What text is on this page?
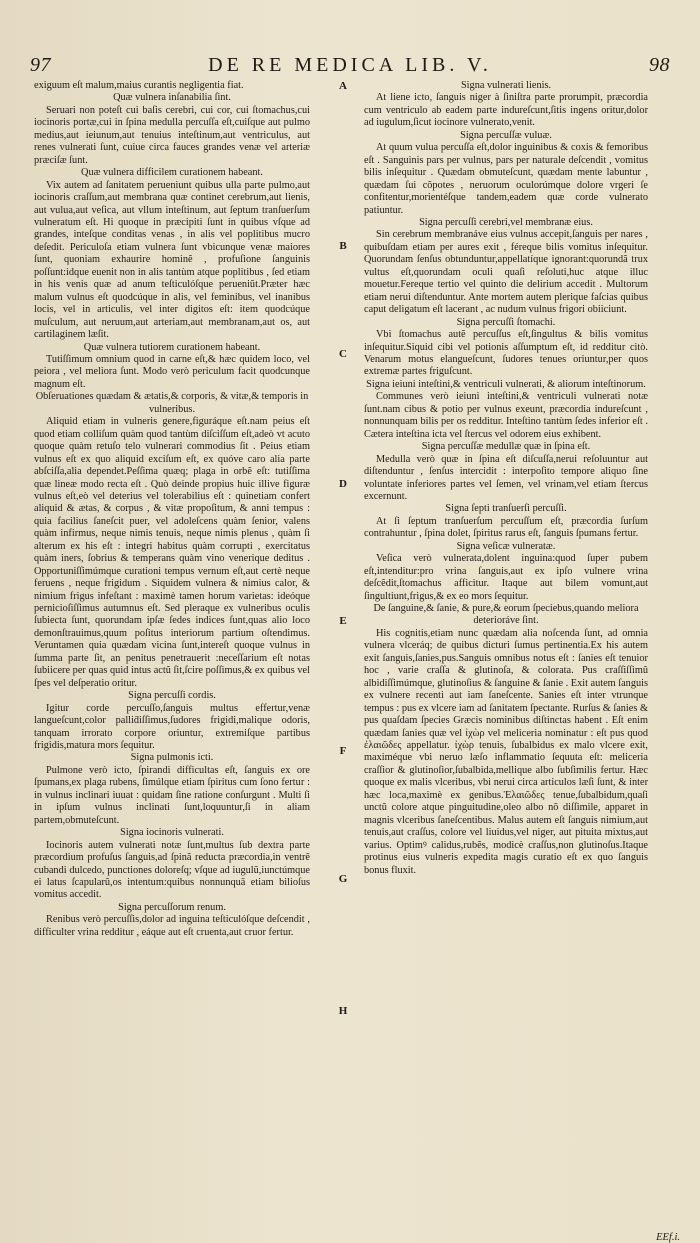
97	DE RE MEDICA LIB. V.	98
exiguum eſt malum,maius curantis negligentia fiat.
Quæ vulnera inſanabilia ſint.
Seruari non poteſt cui baſis cerebri, cui cor, cui ſtomachus,cui iocinoris portæ,cui in ſpina medulla percuſſa eſt,cuiſque aut pulmo medius,aut ieiunum,aut tenuius inteſtinum,aut ventriculus, aut renes vulnerati ſunt, cuiue circa fauces grandes venæ vel arteriæ præciſæ ſunt.
Quæ vulnera difficilem curationem habeant.
Vix autem ad ſanitatem perueniunt quibus ulla parte pulmo,aut iocinoris craſſum,aut membrana quæ continet cerebrum,aut lienis, aut vulua,aut veſica, aut vllum inteſtinum, aut ſeptum tranſuerſum vulneratum eſt. Hi quoque in præcipiti ſunt in quibus vſque ad grandes, inteſque conditas venas , in alis vel poplitibus mucro deſedit. Periculoſa etiam vulnera ſunt vbicunque venæ maiores ſunt, quoniam exhaurire hominẽ , profuſione ſanguinis poſſunt:idque euenit non in alis tantùm atque poplitibus , ſed etiam in his venis quæ ad anum teſticulóſque perueniũt.Præter hæc malum vulnus eſt quodcúque in alis, vel feminibus, vel inanibus locis, vel in articulis, vel inter digitos eſt: item quodcúque muſculum, aut neruum,aut arteriam,aut membranam,aut os, aut cartilaginem læſit.
Quæ vulnera tutiorem curationem habeant.
Tutiſſimum omnium quod in carne eſt,& hæc quidem loco, vel peiora , vel meliora ſunt. Modo verò periculum facit quodcunque magnum eſt.
Obſeruationes quædam & ætatis,& corporis, & vitæ,& temporis in vulneribus.
Aliquid etiam in vulneris genere,figuráque eſt.nam peius eſt quod etiam colliſum quàm quod tantùm diſciſſum eſt,adeò vt acuto quoque quàm retuſo telo vulnerari commodius ſit . Peius etiam vulnus eſt ex quo aliquid exciſum eſt, ex quóve caro alia parte abſciſſa,alia dependet.Peſſima quæq; plaga in orbẽ eſt: tutiſſima quæ lineæ modo recta eſt . Quò deinde propius huic illive figuræ vulnus eſt,eò vel deterius vel tolerabilius eſt : quinetiam confert aliquid & ætas, & corpus , & vitæ propoſitum, & anni tempus : quia facilius ſaneſcit puer, vel adoleſcens quàm ſenior, valens quàm infirmus, neque nimis tenuis, neque nimis plenus , quàm ſi alterum ex his eſt : integri habitus quàm corrupti , exercitatus quàm iners, ſobrius & temperans quàm vino venerique deditus . Opportuniſſimúmque curationi tempus vernum eſt,aut certè neque feruens , neque frigidum . Siquidem vulnera & nimius calor, & nimium frigus infeſtant : maximè tamen horum varietas: ideóque pernicioſiſſimus autumnus eſt. Sed pleraque ex vulneribus oculis ſubiecta ſunt, quorundam ipſæ ſedes indices ſunt,quas alio loco demonſtrauimus,quum poſitus interiorum partium oſtendimus. Veruntamen quia quædam vicina ſunt,intereſt quoque vulnus in ſumma parte ſit, an penitus penetrauerit :neceſſarium eſt notas ſubiicere per quas quid intus actũ ſit,ſcire poſſimus,& ex quibus vel ſpes vel deſperatio oritur.
Signa percuſſi cordis.
Igitur corde percuſſo,ſanguis multus effertur,venæ langueſcunt,color palliḋiſſimus,ſudores frigidi,malique odoris, tanquam irrorato corpore oriuntur, extremiſque partibus frigidis,matura mors ſequitur.
Signa pulmonis icti.
Pulmone verò icto, ſpirandi difficultas eſt, ſanguis ex ore ſpumans,ex plaga rubens, ſimúlque etiam ſpiritus cum ſono fertur : in vulnus inclinari iuuat : quidam ſine ratione conſurgunt . Multi ſi in ipſum vulnus inclinati ſunt,loquuntur,ſi in aliam partem,obmuteſcunt.
Signa iocinoris vulnerati.
Iocinoris autem vulnerati notæ ſunt,multus ſub dextra parte præcordium profuſus ſanguis,ad ſpinã reducta præcordia,in ventrẽ cubandi dulcedo, punctiones doloreſq; vſque ad iugulũ,iunctúmque ei latus ſcapularũ,os intentum:quibus nonnunquã etiam bilioſus vomitus accedit.
Signa percuſſorum renum.
Renibus verò percuſſis,dolor ad inguina teſticulóſque deſcendit , difficulter vrina redditur , eáque aut eſt cruenta,aut cruor fertur.
A
B
C
D
E
F
G
H
Signa vulnerati lienis.
At liene icto, ſanguis niger à ſiniſtra parte prorumpit, præcordia cum ventriculo ab eadem parte indureſcunt,ſitis ingens oritur,dolor ad iugulum,ſicut iocinore vulnerato,venit.
Signa percuſſæ vuluæ.
At quum vulua percuſſa eſt,dolor inguinibus & coxis & femoribus eſt . Sanguinis pars per vulnus, pars per naturale deſcendit , vomitus bilis inſequitur . Quædam obmuteſcunt, quædam mente labuntur , quædam ſui cõpotes , neruorum oculorúmque dolore vrgeri ſe confitentur,morientéſque tandem,eadem quæ corde vulnerato patiuntur.
Signa percuſſi cerebri,vel membranæ eius.
Sin cerebrum membranáve eius vulnus accepit,ſanguis per nares , quibuſdam etiam per aures exit , féreque bilis vomitus inſequitur. Quorundam ſenſus obtunduntur,appellatíque ignorant:quorundã trux vultus eſt,quorundam oculi quaſi reſoluti,huc atque illuc mouetur.Fereque tertio vel quinto die delirium accedit . Multorum etiam nerui diſtenduntur. Ante mortem autem plerique faſcias quibus caput deligatum eſt lacerant , ac nudum vulnus frigori obiiciunt.
Signa percuſſi ſtomachi.
Vbi ſtomachus autẽ percuſſus eſt,ſingultus & bilis vomitus inſequitur.Siquid cibi vel potionis aſſumptum eſt, id redditur citò. Venarum motus elangueſcunt, ſudores tenues oriuntur,per quos extremæ partes friguſcunt.
Signa ieiuni inteſtini,& ventriculi vulnerati, & aliorum inteſtinorum.
Communes verò ieiuni inteſtini,& ventriculi vulnerati notæ ſunt.nam cibus & potio per vulnus exeunt, præcordia indureſcunt , nonnunquam bilis per os redditur. Inteſtino tantùm ſedes inferior eſt . Cætera inteſtina icta vel ſtercus vel odorem eius exhibent.
Signa percuſſæ medullæ quæ in ſpina eſt.
Medulla verò quæ in ſpina eſt diſcuſſa,nerui reſoluuntur aut diſtenduntur , ſenſus intercidit : interpoſito tempore aliquo ſine voluntate inferiores partes vel ſemen, vel vrinam,vel etiam ſtercus excernunt.
Signa ſepti tranſuerſi percuſſi.
At ſi ſeptum tranſuerſum percuſſum eſt, præcordia ſurſum contrahuntur , ſpina dolet, ſpiritus rarus eſt, ſanguis ſpumans fertur.
Signa veſicæ vulneratæ.
Veſica verò vulnerata,dolent inguina:quod ſuper pubem eſt,intenditur:pro vrina ſanguis,aut ex ipſo vulnere vrina deſcẽdit,ſtomachus afficitur. Itaque aut bilem vomunt,aut ſingultiunt,frigus,& ex eo mors ſequitur.
De ſanguine,& ſanie, & pure,& eorum ſpeciebus,quando meliora deterioráve ſint.
His cognitis,etiam nunc quædam alia noſcenda ſunt, ad omnia vulnera vlceráq; de quibus dicturi ſumus pertinentia.Ex his autem exit ſanguis,ſanies,pus.Sanguis omnibus notus eſt : ſanies eſt tenuior hoc , varie craſſa & glutinoſa, & colorata. Pus craſſiſſimũ albidiſſimúmque, glutinoſius & ſanguine & ſanie . Exit autem ſanguis ex vulnere recenti aut iam ſaneſcente. Sanies eſt inter vtrunque tempus : pus ex vlcere iam ad ſanitatem ſpectante. Rurſus & ſanies & pus quaſdam ſpecies Græcis nominibus diſtinctas habent . Eſt enim quædam ſanies quæ vel ἰχὼρ vel meliceria nominatur : eſt pus quod ἐλαιῶδες appellatur. ἰχὼρ tenuis, ſubalbidus ex malo vlcere exit, maximéque vbi neruo læſo inflammatio ſequuta eſt: meliceria craſſior & glutinoſior,ſubalbida,mellique albo ſubſimilis fertur. Hæc quoque ex malis vlceribus, vbi nerui circa articulos læſi ſunt, & inter hæc loca,maximè ex genibus.Ἐλαιῶδες tenue,ſubalbidum,quaſi unctũ colore atque pinguitudine,oleo albo nõ diſſimile, apparet in magnis vlceribus ſaneſcentibus. Malus autem eſt ſanguis nimium,aut tenuis,aut craſſus, colore vel liuidus,vel niger, aut pituita mixtus,aut varius. Optimꝰ calidus,rubẽs, modicè craſſus,non glutinoſus.Itaque protinus eius vulneris expedita magis curatio eſt ex quo ſanguis bonus fluxit.
EEf.i.
